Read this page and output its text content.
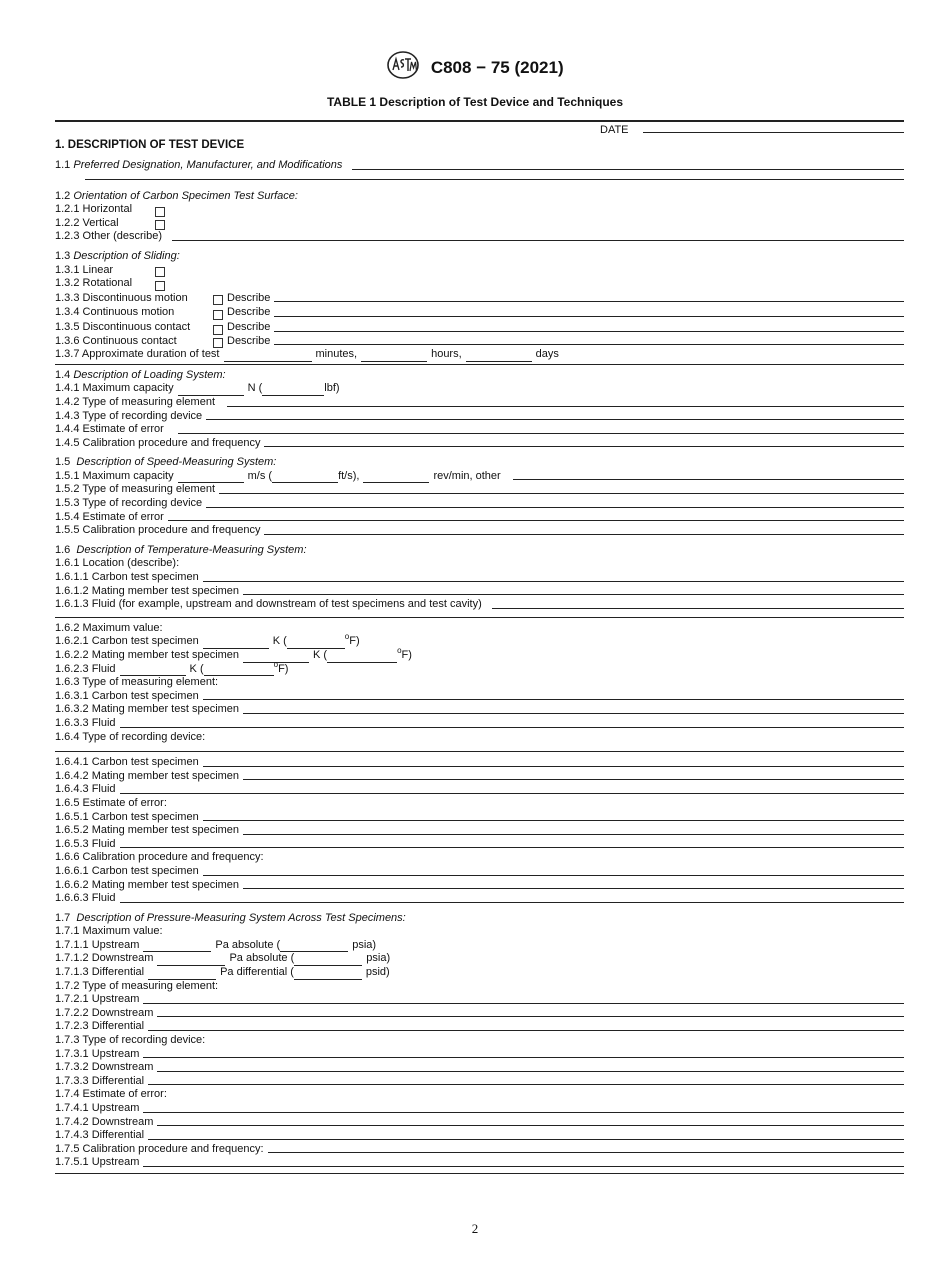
C808 − 75 (2021)
TABLE 1 Description of Test Device and Techniques
DATE
1. DESCRIPTION OF TEST DEVICE
1.1
Preferred Designation, Manufacturer, and Modifications
1.2
Orientation of Carbon Specimen Test Surface:
1.2.1 Horizontal
1.2.2 Vertical
1.2.3 Other (describe)
1.3
Description of Sliding:
1.3.1 Linear
1.3.2 Rotational
1.3.3 Discontinuous motion	Describe
1.3.4 Continuous motion	Describe
1.3.5 Discontinuous contact	Describe
1.3.6 Continuous contact	Describe
1.3.7 Approximate duration of test	minutes,	hours,	days
1.4
Description of Loading System:
1.4.1 Maximum capacity	N (	lbf)
1.4.2 Type of measuring element
1.4.3 Type of recording device
1.4.4 Estimate of error
1.4.5 Calibration procedure and frequency
1.5
Description of Speed-Measuring System:
1.5.1 Maximum capacity	m/s (	ft/s),	rev/min, other
1.5.2 Type of measuring element
1.5.3 Type of recording device
1.5.4 Estimate of error
1.5.5 Calibration procedure and frequency
1.6
Description of Temperature-Measuring System:
1.6.1 Location (describe):
1.6.1.1 Carbon test specimen
1.6.1.2 Mating member test specimen
1.6.1.3 Fluid (for example, upstream and downstream of test specimens and test cavity)
1.6.2 Maximum value:
1.6.2.1 Carbon test specimen	K (	$^o$F)
1.6.2.2 Mating member test specimen	K (	$^o$F)
1.6.2.3 Fluid	K (	$^o$F)
1.6.3 Type of measuring element:
1.6.3.1 Carbon test specimen
1.6.3.2 Mating member test specimen
1.6.3.3 Fluid
1.6.4 Type of recording device:
1.6.4.1 Carbon test specimen
1.6.4.2 Mating member test specimen
1.6.4.3 Fluid
1.6.5 Estimate of error:
1.6.5.1 Carbon test specimen
1.6.5.2 Mating member test specimen
1.6.5.3 Fluid
1.6.6 Calibration procedure and frequency:
1.6.6.1 Carbon test specimen
1.6.6.2 Mating member test specimen
1.6.6.3 Fluid
1.7
Description of Pressure-Measuring System Across Test Specimens:
1.7.1 Maximum value:
1.7.1.1 Upstream	Pa absolute (	psia)
1.7.1.2 Downstream	Pa absolute (	psia)
1.7.1.3 Differential	Pa differential (	psid)
1.7.2 Type of measuring element:
1.7.2.1 Upstream
1.7.2.2 Downstream
1.7.2.3 Differential
1.7.3 Type of recording device:
1.7.3.1 Upstream
1.7.3.2 Downstream
1.7.3.3 Differential
1.7.4 Estimate of error:
1.7.4.1 Upstream
1.7.4.2 Downstream
1.7.4.3 Differential
1.7.5 Calibration procedure and frequency:
1.7.5.1 Upstream
2
